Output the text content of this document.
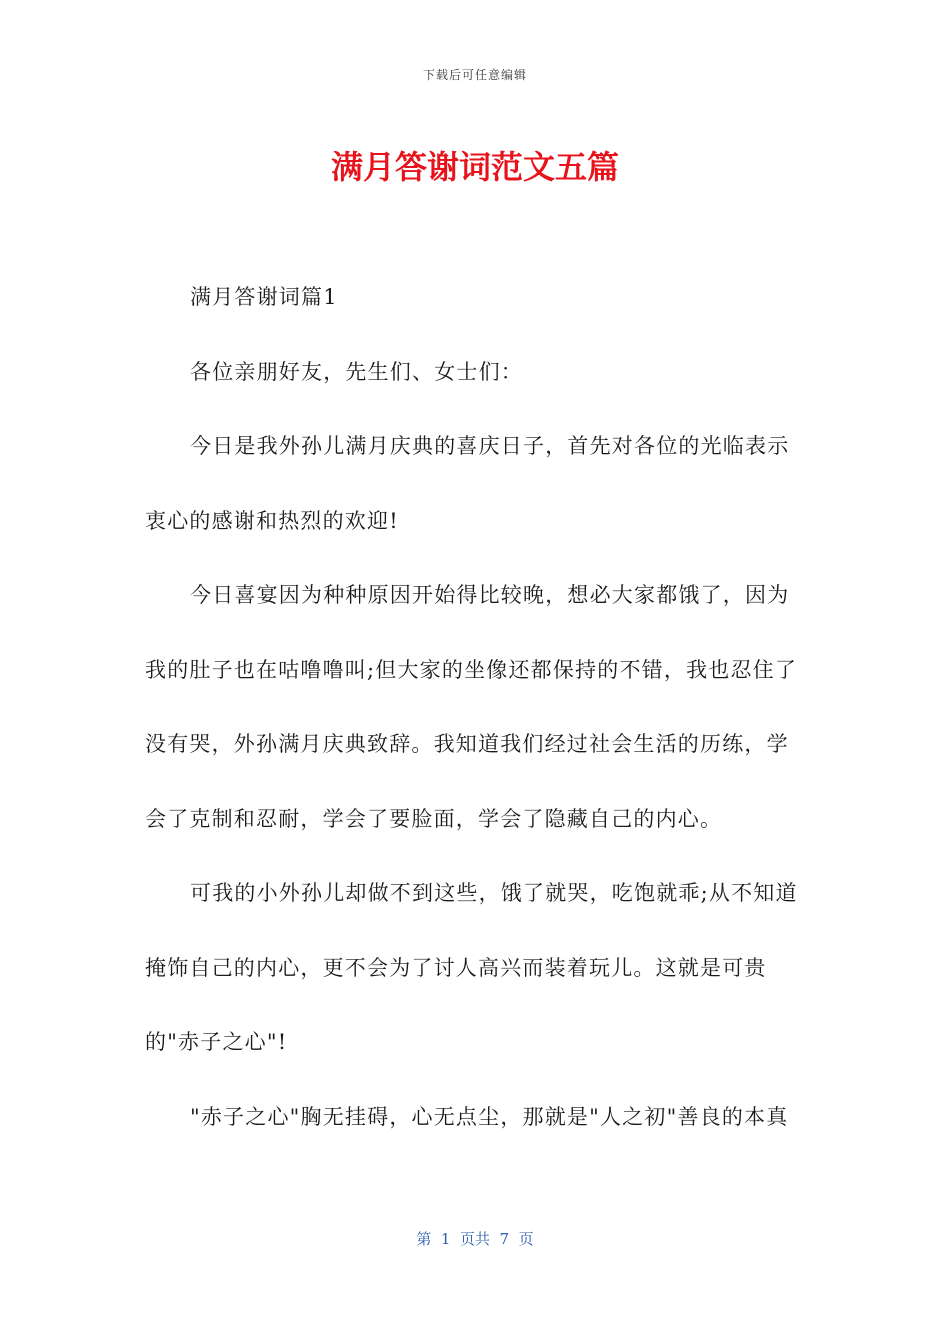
下载后可任意编辑
满月答谢词范文五篇
满月答谢词篇1
各位亲朋好友，先生们、女士们：
今日是我外孙儿满月庆典的喜庆日子，首先对各位的光临表示
衷心的感谢和热烈的欢迎!
今日喜宴因为种种原因开始得比较晚，想必大家都饿了，因为
我的肚子也在咕噜噜叫;但大家的坐像还都保持的不错，我也忍住了
没有哭，外孙满月庆典致辞。我知道我们经过社会生活的历练，学
会了克制和忍耐，学会了要脸面，学会了隐藏自己的内心。
可我的小外孙儿却做不到这些，饿了就哭，吃饱就乖;从不知道
掩饰自己的内心，更不会为了讨人高兴而装着玩儿。这就是可贵
的"赤子之心"!
"赤子之心"胸无挂碍，心无点尘，那就是"人之初"善良的本真
第  1  页共  7  页
